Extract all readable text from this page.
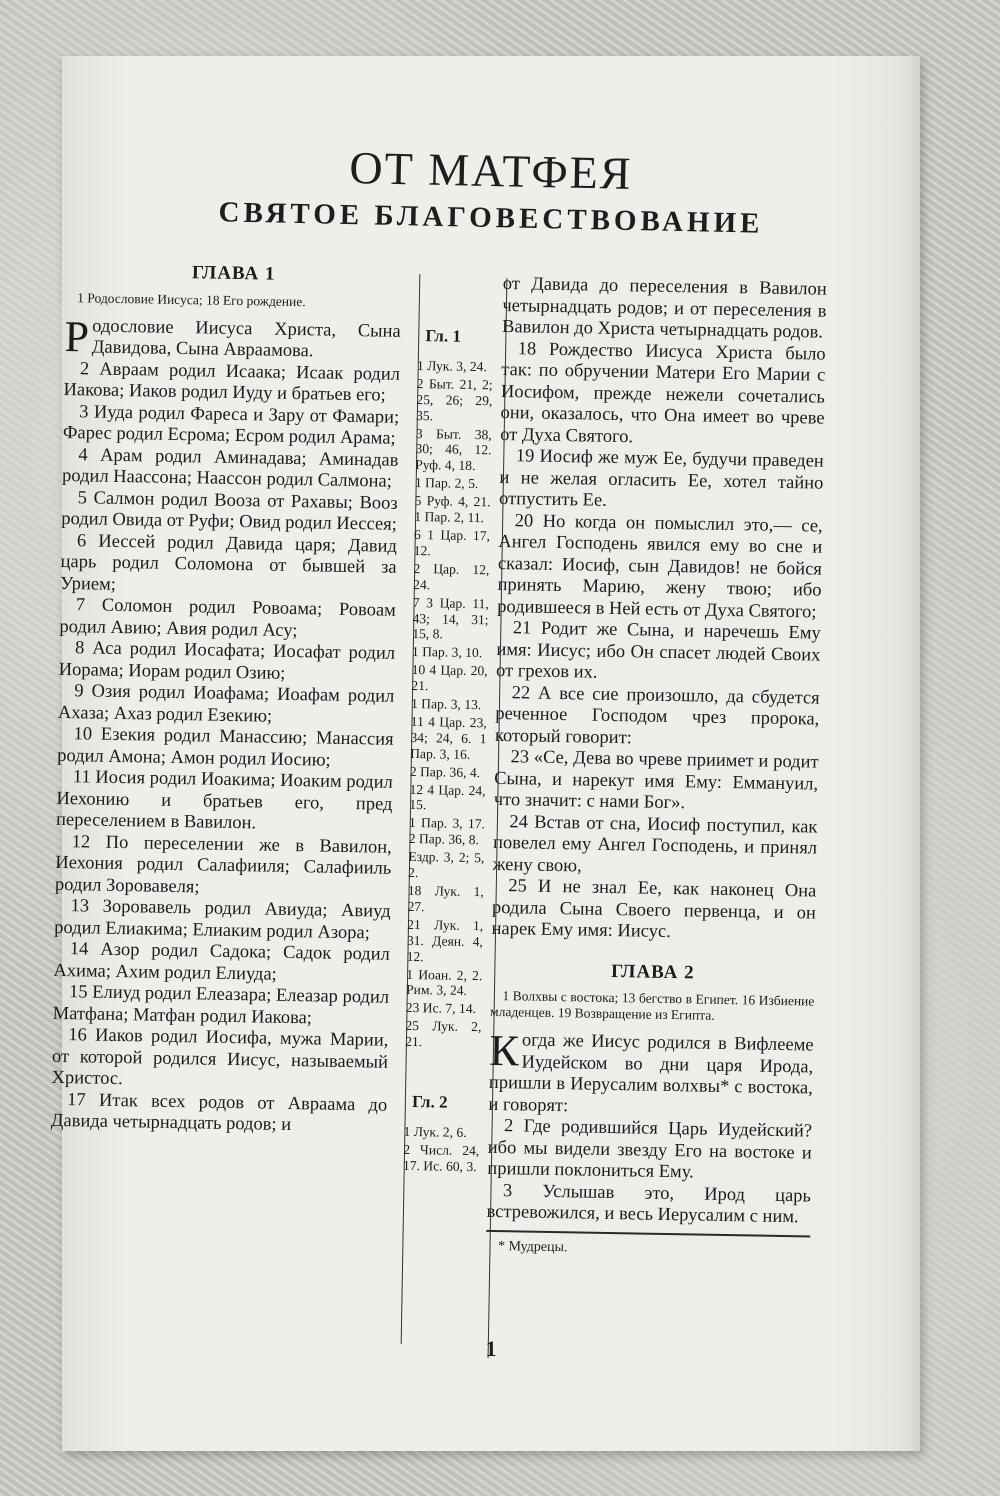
ОТ МАТФЕЯ
СВЯТОЕ БЛАГОВЕСТВОВАНИЕ
ГЛАВА 1

1 Родословие Иисуса; 18 Его рождение.

Родословие Иисуса Христа, Сына Давидова, Сына Авраамова.

2 Авраам родил Исаака; Исаак родил Иакова; Иаков родил Иуду и братьев его;

3 Иуда родил Фареса и Зару от Фамари; Фарес родил Есрома; Есром родил Арама;

4 Арам родил Аминадава; Аминадав родил Наассона; Наассон родил Салмона;

5 Салмон родил Вооза от Рахавы; Вооз родил Овида от Руфи; Овид родил Иессея;

6 Иессей родил Давида царя; Давид царь родил Соломона от бывшей за Урием;

7 Соломон родил Ровоама; Ровоам родил Авию; Авия родил Асу;

8 Аса родил Иосафата; Иосафат родил Иорама; Иорам родил Озию;

9 Озия родил Иоафама; Иоафам родил Ахаза; Ахаз родил Езекию;

10 Езекия родил Манассию; Манассия родил Амона; Амон родил Иосию;

11 Иосия родил Иоакима; Иоаким родил Иехонию и братьев его, пред переселением в Вавилон.

12 По переселении же в Вавилон, Иехония родил Салафииля; Салафииль родил Зоровавеля;

13 Зоровавель родил Авиуда; Авиуд родил Елиакима; Елиаким родил Азора;

14 Азор родил Садока; Садок родил Ахима; Ахим родил Елиуда;

15 Елиуд родил Елеазара; Елеазар родил Матфана; Матфан родил Иакова;

16 Иаков родил Иосифа, мужа Марии, от которой родился Иисус, называемый Христос.

17 Итак всех родов от Авраама до Давида четырнадцать родов; и

Гл. 1

1 Лук. 3, 24.

2 Быт. 21, 2; 25, 26; 29, 35.

3 Быт. 38, 30; 46, 12. Руф. 4, 18.

1 Пар. 2, 5.

5 Руф. 4, 21. 1 Пар. 2, 11.

6 1 Цар. 17, 12.

2 Цар. 12, 24.

7 3 Цар. 11, 43; 14, 31; 15, 8.

1 Пар. 3, 10.

10 4 Цар. 20, 21.

1 Пар. 3, 13.

11 4 Цар. 23, 34; 24, 6. 1 Пар. 3, 16.

2 Пар. 36, 4.

12 4 Цар. 24, 15.

1 Пар. 3, 17. 2 Пар. 36, 8.

Ездр. 3, 2; 5, 2.

18 Лук. 1, 27.

21 Лук. 1, 31. Деян. 4, 12.

1 Иоан. 2, 2. Рим. 3, 24.

23 Ис. 7, 14.

25 Лук. 2, 21.

Гл. 2

1 Лук. 2, 6.

2 Числ. 24, 17. Ис. 60, 3.

от Давида до переселения в Вавилон четырнадцать родов; и от переселения в Вавилон до Христа четырнадцать родов.

18 Рождество Иисуса Христа было так: по обручении Матери Его Марии с Иосифом, прежде нежели сочетались они, оказалось, что Она имеет во чреве от Духа Святого.

19 Иосиф же муж Ее, будучи праведен и не желая огласить Ее, хотел тайно отпустить Ее.

20 Но когда он помыслил это,— се, Ангел Господень явился ему во сне и сказал: Иосиф, сын Давидов! не бойся принять Марию, жену твою; ибо родившееся в Ней есть от Духа Святого;

21 Родит же Сына, и наречешь Ему имя: Иисус; ибо Он спасет людей Своих от грехов их.

22 А все сие произошло, да сбудется реченное Господом чрез пророка, который говорит:

23 «Се, Дева во чреве приимет и родит Сына, и нарекут имя Ему: Еммануил, что значит: с нами Бог».

24 Встав от сна, Иосиф поступил, как повелел ему Ангел Господень, и принял жену свою,

25 И не знал Ее, как наконец Она родила Сына Своего первенца, и он нарек Ему имя: Иисус.

ГЛАВА 2

1 Волхвы с востока; 13 бегство в Египет. 16 Избиение младенцев. 19 Возвращение из Египта.

Когда же Иисус родился в Вифлееме Иудейском во дни царя Ирода, пришли в Иерусалим волхвы* с востока, и говорят:

2 Где родившийся Царь Иудейский? ибо мы видели звезду Его на востоке и пришли поклониться Ему.

3 Услышав это, Ирод царь встревожился, и весь Иерусалим с ним.

* Мудрецы.

1
